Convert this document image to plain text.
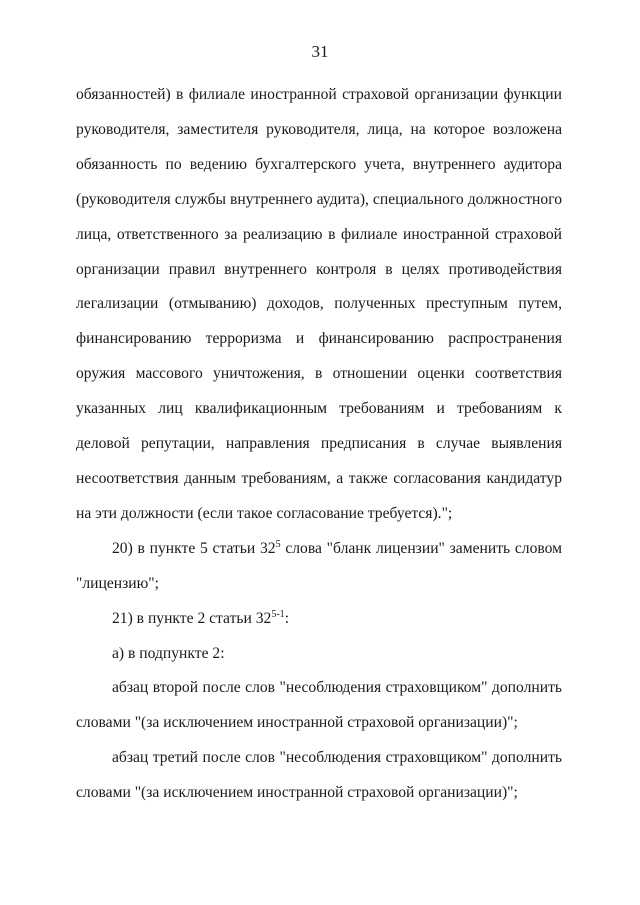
31

обязанностей) в филиале иностранной страховой организации функции руководителя, заместителя руководителя, лица, на которое возложена обязанность по ведению бухгалтерского учета, внутреннего аудитора (руководителя службы внутреннего аудита), специального должностного лица, ответственного за реализацию в филиале иностранной страховой организации правил внутреннего контроля в целях противодействия легализации (отмыванию) доходов, полученных преступным путем, финансированию терроризма и финансированию распространения оружия массового уничтожения, в отношении оценки соответствия указанных лиц квалификационным требованиям и требованиям к деловой репутации, направления предписания в случае выявления несоответствия данным требованиям, а также согласования кандидатур на эти должности (если такое согласование требуется).";

20) в пункте 5 статьи $32^5$ слова "бланк лицензии" заменить словом "лицензию";

21) в пункте 2 статьи 32$^{5-1}$:

а) в подпункте 2:

абзац второй после слов "несоблюдения страховщиком" дополнить словами "(за исключением иностранной страховой организации)";

абзац третий после слов "несоблюдения страховщиком" дополнить словами "(за исключением иностранной страховой организации)";
